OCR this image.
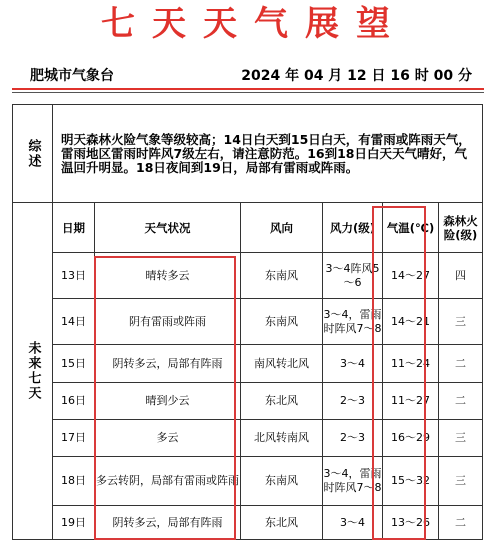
七天天气展望
肥城市气象台	2024 年 04 月 12 日 16 时 00 分
综述	明天森林火险气象等级较高；14日白天到15日白天，有雷雨或阵雨天气，雷雨地区雷雨时阵风7级左右，请注意防范。16到18日白天天气晴好，气温回升明显。18日夜间到19日，局部有雷雨或阵雨。					
未来七天	日期	天气状况	风向	风力(级)	气温(℃)	森林火险(级)
	13日	晴转多云	东南风	3～4阵风5～6	14～27	四
	14日	阴有雷雨或阵雨	东南风	3～4，雷雨时阵风7～8	14～21	三
	15日	阴转多云，局部有阵雨	南风转北风	3～4	11～24	二
	16日	晴到少云	东北风	2～3	11～27	二
	17日	多云	北风转南风	2～3	16～29	三
	18日	多云转阴，局部有雷雨或阵雨	东南风	3～4，雷雨时阵风7～8	15～32	三
	19日	阴转多云，局部有阵雨	东北风	3～4	13～26	二
